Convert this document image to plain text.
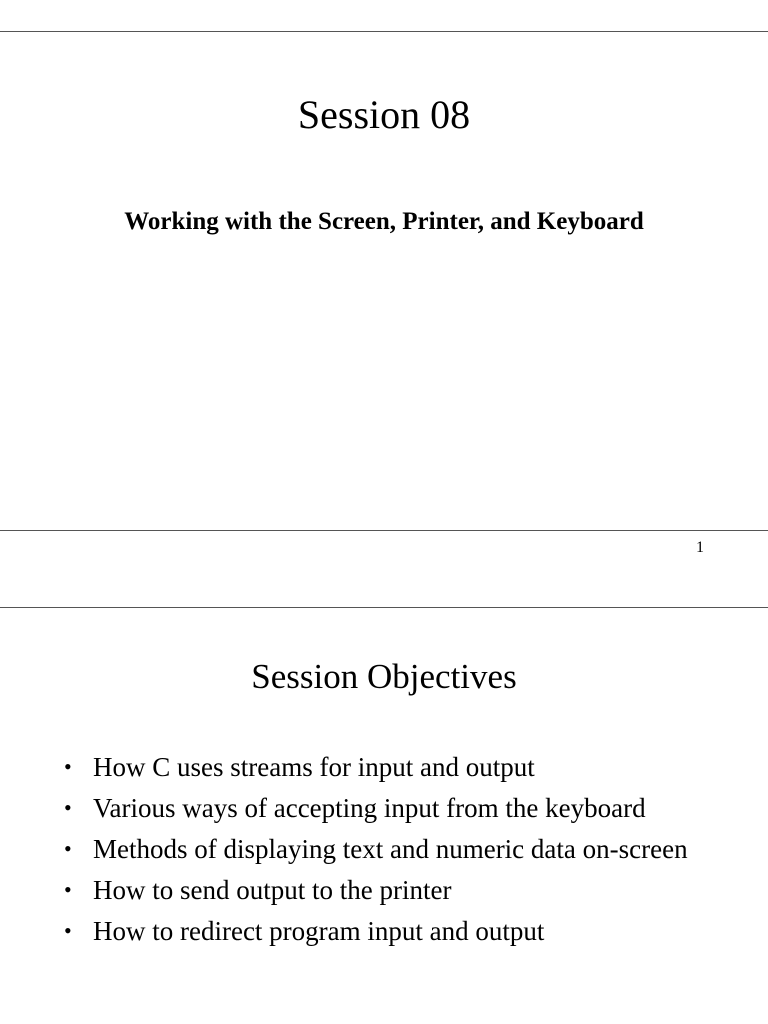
Session 08
Working with the Screen, Printer, and Keyboard
1
Session Objectives
• How C uses streams for input and output
• Various ways of accepting input from the keyboard
• Methods of displaying text and numeric data on-screen
• How to send output to the printer
• How to redirect program input and output
